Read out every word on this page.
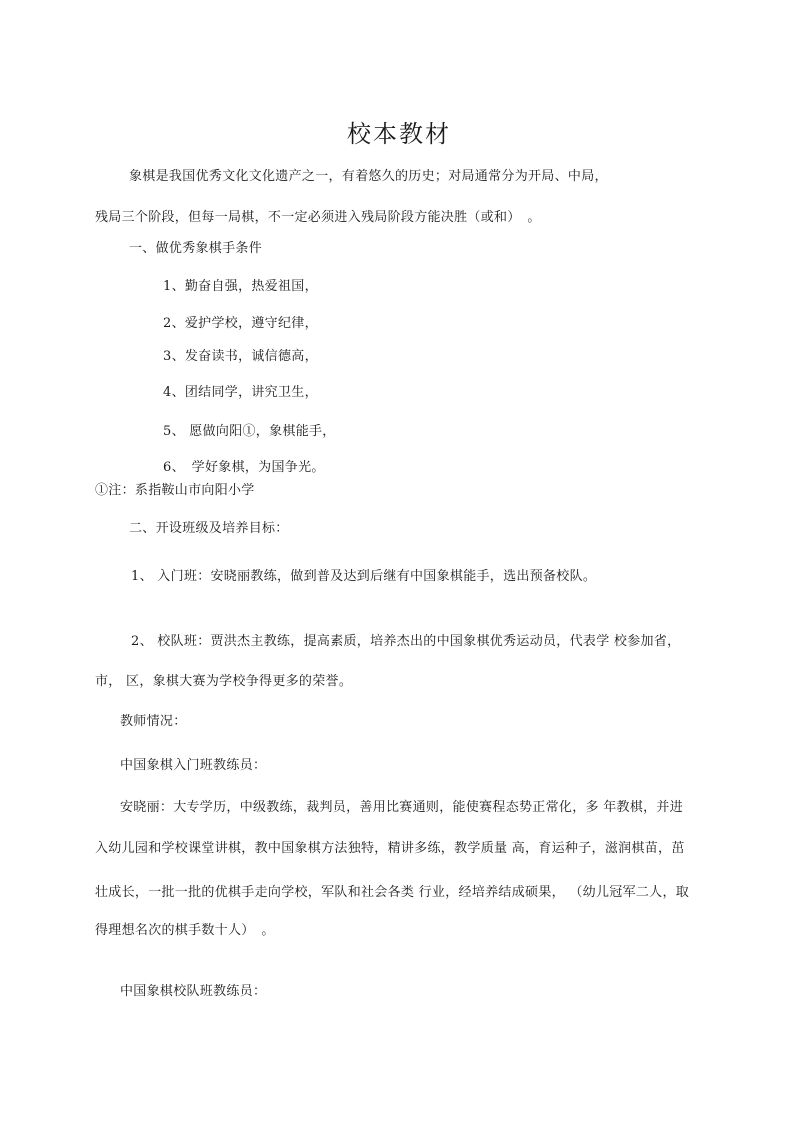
校本教材
象棋是我国优秀文化文化遗产之一，有着悠久的历史；对局通常分为开局、中局，
残局三个阶段，但每一局棋，不一定必须进入残局阶段方能决胜（或和）　。
一、做优秀象棋手条件
1、勤奋自强，热爱祖国，
2、爱护学校，遵守纪律，
3、发奋读书，诚信德高，
4、团结同学，讲究卫生，
5、 愿做向阳①，象棋能手，
6、　学好象棋，为国争光。
①注：系指鞍山市向阳小学
二、开设班级及培养目标：
1、 入门班：安晓丽教练，做到普及达到后继有中国象棋能手，选出预备校队。
2、 校队班：贾洪杰主教练，提高素质，培养杰出的中国象棋优秀运动员，代表学 校参加省，
市， 区，象棋大赛为学校争得更多的荣誉。
教师情况：
中国象棋入门班教练员：
安晓丽：大专学历，中级教练，裁判员，善用比赛通则，能使赛程态势正常化，多 年教棋，并进
入幼儿园和学校课堂讲棋，教中国象棋方法独特，精讲多练，教学质量 高，育运种子，滋润棋苗，茁
壮成长，一批一批的优棋手走向学校，军队和社会各类 行业，经培养结成硕果， （幼儿冠军二人，取
得理想名次的棋手数十人）　。
中国象棋校队班教练员：
